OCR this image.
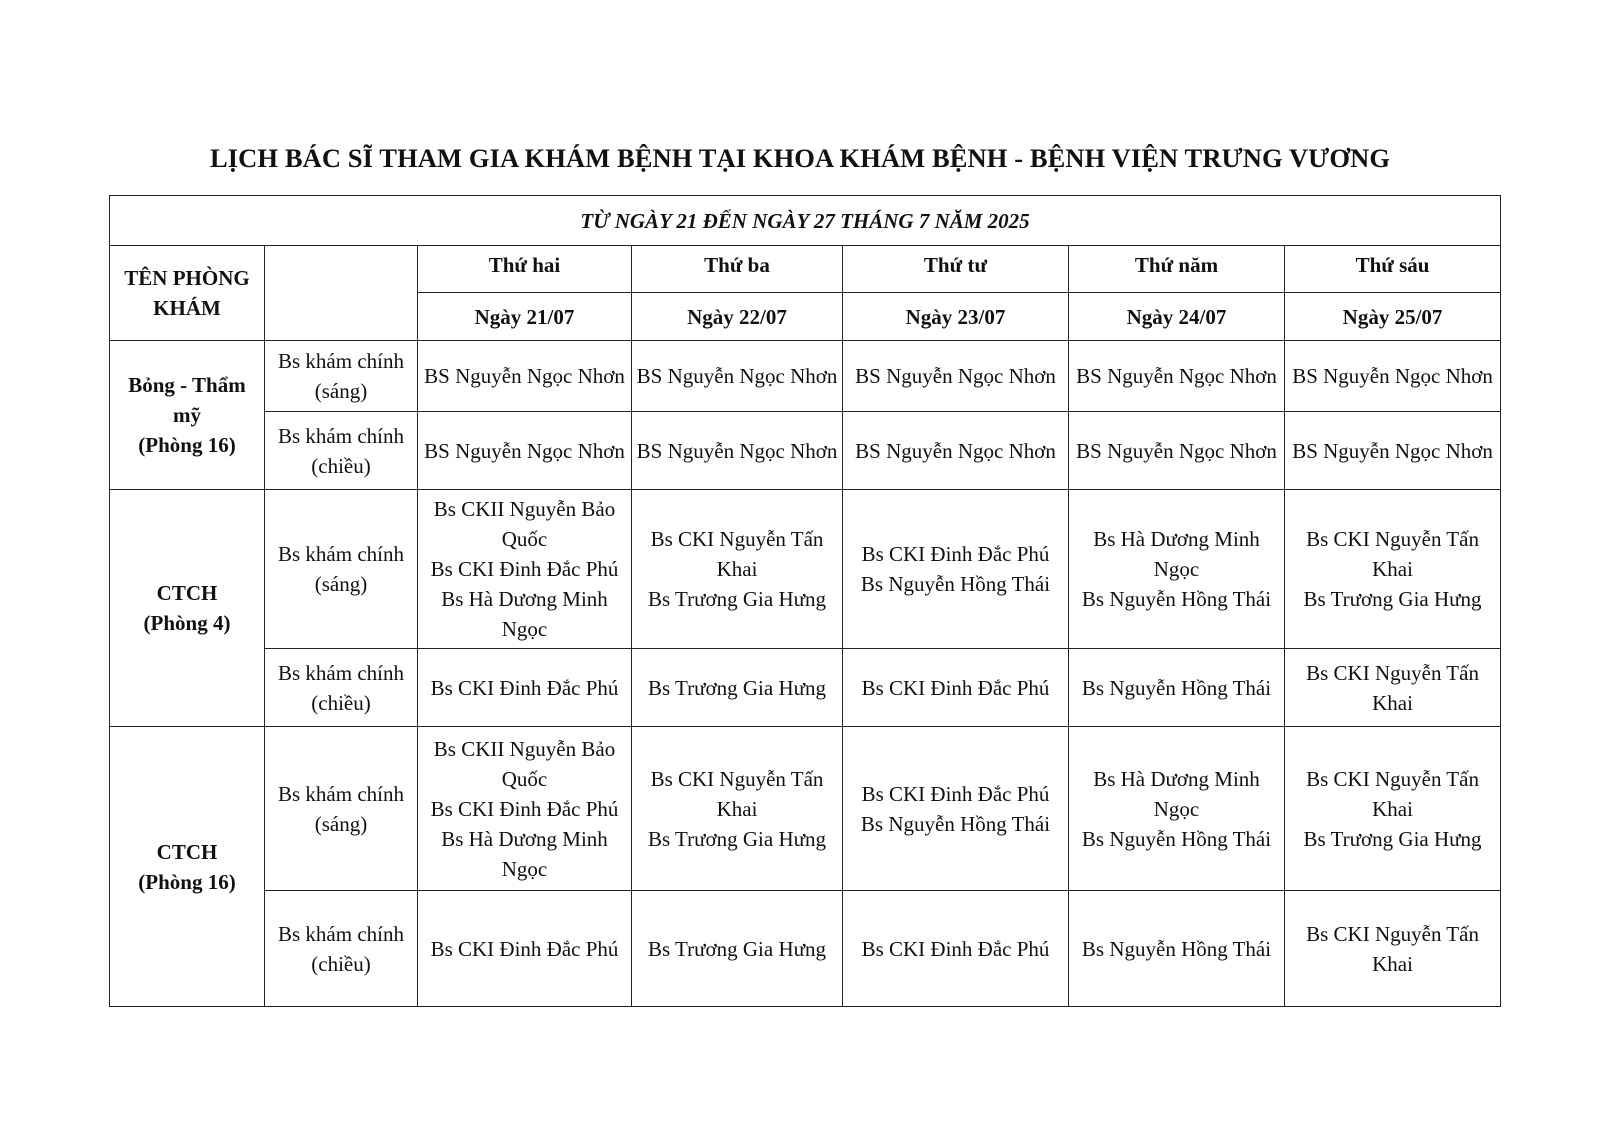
LỊCH BÁC SĨ THAM GIA KHÁM BỆNH TẠI KHOA KHÁM BỆNH - BỆNH VIỆN TRƯNG VƯƠNG
TỪ NGÀY 21 ĐẾN NGÀY 27 THÁNG 7 NĂM 2025						

TÊN PHÒNG KHÁM		Thứ hai	Thứ ba	Thứ tư	Thứ năm	Thứ sáu

		Ngày 21/07	Ngày 22/07	Ngày 23/07	Ngày 24/07	Ngày 25/07

Bỏng - Thẩm mỹ
(Phòng 16)	Bs khám chính (sáng)	BS Nguyễn Ngọc Nhơn	BS Nguyễn Ngọc Nhơn	BS Nguyễn Ngọc Nhơn	BS Nguyễn Ngọc Nhơn	BS Nguyễn Ngọc Nhơn

	Bs khám chính (chiều)	BS Nguyễn Ngọc Nhơn	BS Nguyễn Ngọc Nhơn	BS Nguyễn Ngọc Nhơn	BS Nguyễn Ngọc Nhơn	BS Nguyễn Ngọc Nhơn

CTCH
(Phòng 4)	Bs khám chính (sáng)	Bs CKII Nguyễn Bảo Quốc
Bs CKI Đinh Đắc Phú
Bs Hà Dương Minh Ngọc	Bs CKI Nguyễn Tấn Khai
Bs Trương Gia Hưng	Bs CKI Đinh Đắc Phú
Bs Nguyễn Hồng Thái	Bs Hà Dương Minh Ngọc
Bs Nguyễn Hồng Thái	Bs CKI Nguyễn Tấn Khai
Bs Trương Gia Hưng

	Bs khám chính (chiều)	Bs CKI Đinh Đắc Phú	Bs Trương Gia Hưng	Bs CKI Đinh Đắc Phú	Bs Nguyễn Hồng Thái	Bs CKI Nguyễn Tấn Khai

CTCH
(Phòng 16)	Bs khám chính (sáng)	Bs CKII Nguyễn Bảo Quốc
Bs CKI Đinh Đắc Phú
Bs Hà Dương Minh Ngọc	Bs CKI Nguyễn Tấn Khai
Bs Trương Gia Hưng	Bs CKI Đinh Đắc Phú
Bs Nguyễn Hồng Thái	Bs Hà Dương Minh Ngọc
Bs Nguyễn Hồng Thái	Bs CKI Nguyễn Tấn Khai
Bs Trương Gia Hưng

	Bs khám chính (chiều)	Bs CKI Đinh Đắc Phú	Bs Trương Gia Hưng	Bs CKI Đinh Đắc Phú	Bs Nguyễn Hồng Thái	Bs CKI Nguyễn Tấn Khai
